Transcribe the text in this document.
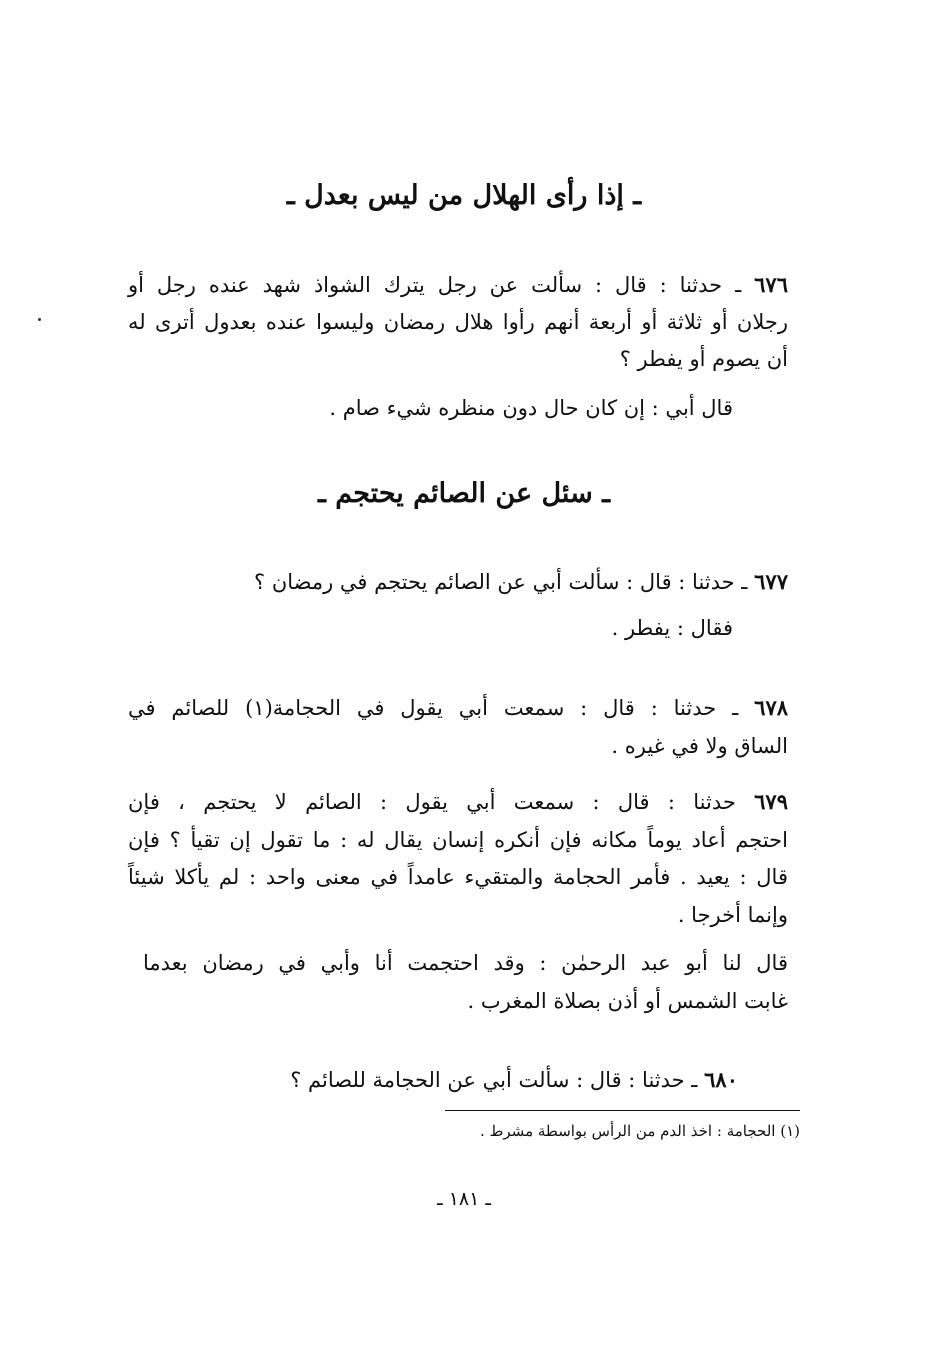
ـ إذا رأى الهلال من ليس بعدل ـ
٦٧٦ ـ حدثنا : قال : سألت عن رجل يترك الشواذ شهد عنده رجل أو
رجلان أو ثلاثة أو أربعة أنهم رأوا هلال رمضان وليسوا عنده بعدول أترى له
أن يصوم أو يفطر ؟
قال أبي : إن كان حال دون منظره شيء صام .
ـ سئل عن الصائم يحتجم ـ
٦٧٧ ـ حدثنا : قال : سألت أبي عن الصائم يحتجم في رمضان ؟
فقال : يفطر .
٦٧٨ ـ حدثنا : قال : سمعت أبي يقول في الحجامة(١) للصائم في
الساق ولا في غيره .
٦٧٩ حدثنا : قال : سمعت أبي يقول : الصائم لا يحتجم ، فإن
احتجم أعاد يوماً مكانه فإن أنكره إنسان يقال له : ما تقول إن تقيأ ؟ فإن
قال : يعيد . فأمر الحجامة والمتقيء عامداً في معنى واحد : لم يأكلا شيئاً
وإنما أخرجا .
قال لنا أبو عبد الرحمٰن : وقد احتجمت أنا وأبي في رمضان بعدما
غابت الشمس أو أذن بصلاة المغرب .
٦٨٠ ـ حدثنا : قال : سألت أبي عن الحجامة للصائم ؟
(١) الحجامة : اخذ الدم من الرأس بواسطة مشرط .
ـ ١٨١ ـ
